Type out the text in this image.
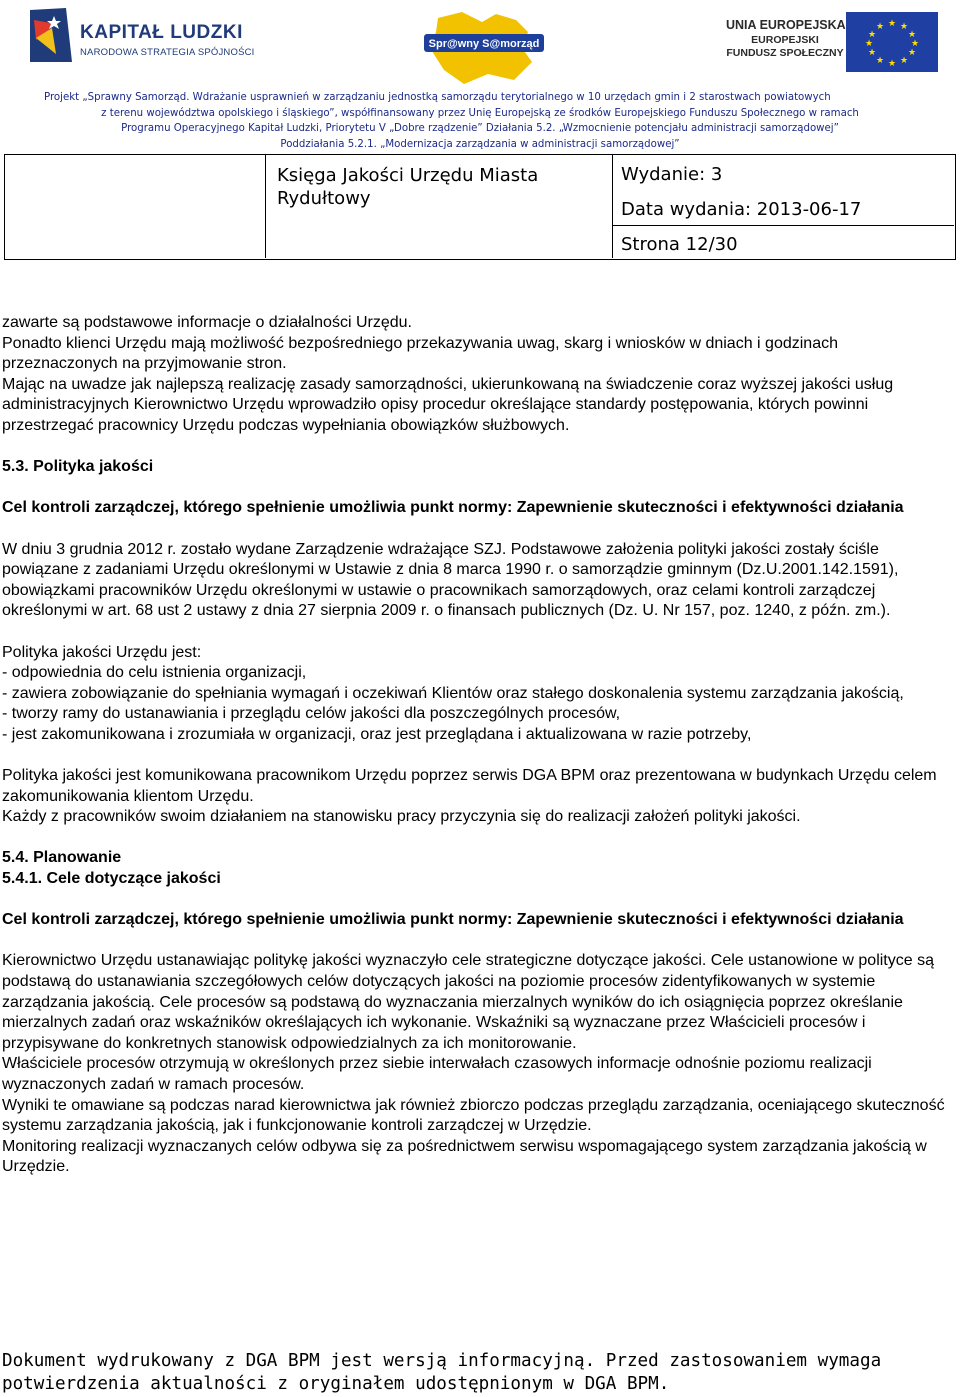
KAPITAŁ LUDZKI
NARODOWA STRATEGIA SPÓJNOŚCI
Spr@wny S@morząd
UNIA EUROPEJSKA
EUROPEJSKI
FUNDUSZ SPOŁECZNY
★ ★
★
★
★
★
★
★
★
★
★
★
Projekt „Sprawny Samorząd. Wdrażanie usprawnień w zarządzaniu jednostką samorządu terytorialnego w 10 urzędach gmin i 2 starostwach powiatowych
z terenu województwa opolskiego i śląskiego”, współfinansowany przez Unię Europejską ze środków Europejskiego Funduszu Społecznego w ramach
Programu Operacyjnego Kapitał Ludzki, Priorytetu V „Dobre rządzenie” Działania 5.2. „Wzmocnienie potencjału administracji samorządowej”
Poddziałania 5.2.1. „Modernizacja zarządzania w administracji samorządowej”
Księga Jakości Urzędu Miasta Rydułtowy
Wydanie: 3
Data wydania: 2013-06-17
Strona 12/30

zawarte są podstawowe informacje o działalności Urzędu.

Ponadto klienci Urzędu mają możliwość bezpośredniego przekazywania uwag, skarg i wniosków w dniach i godzinach przeznaczonych na przyjmowanie stron.

Mając na uwadze jak najlepszą realizację zasady samorządności, ukierunkowaną na świadczenie coraz wyższej jakości usług administracyjnych Kierownictwo Urzędu wprowadziło opisy procedur określające standardy postępowania, których powinni przestrzegać pracownicy Urzędu podczas wypełniania obowiązków służbowych.

5.3. Polityka jakości

Cel kontroli zarządczej, którego spełnienie umożliwia punkt normy: Zapewnienie skuteczności i efektywności działania

W dniu 3 grudnia 2012 r. zostało wydane Zarządzenie wdrażające SZJ. Podstawowe założenia polityki jakości zostały ściśle powiązane z zadaniami Urzędu określonymi w Ustawie z dnia 8 marca 1990 r. o samorządzie gminnym (Dz.U.2001.142.1591), obowiązkami pracowników Urzędu określonymi w ustawie o pracownikach samorządowych, oraz celami kontroli zarządczej określonymi w art. 68 ust 2 ustawy z dnia 27 sierpnia 2009 r. o finansach publicznych (Dz. U. Nr 157, poz. 1240, z późn. zm.).

Polityka jakości Urzędu jest:

- odpowiednia do celu istnienia organizacji,

- zawiera zobowiązanie do spełniania wymagań i oczekiwań Klientów oraz stałego doskonalenia systemu zarządzania jakością,

- tworzy ramy do ustanawiania i przeglądu celów jakości dla poszczególnych procesów,

- jest zakomunikowana i zrozumiała w organizacji, oraz jest przeglądana i aktualizowana w razie potrzeby,

Polityka jakości jest komunikowana pracownikom Urzędu poprzez serwis DGA BPM oraz prezentowana w budynkach Urzędu celem zakomunikowania klientom Urzędu.

Każdy z pracowników swoim działaniem na stanowisku pracy przyczynia się do realizacji założeń polityki jakości.

5.4. Planowanie

5.4.1. Cele dotyczące jakości

Cel kontroli zarządczej, którego spełnienie umożliwia punkt normy: Zapewnienie skuteczności i efektywności działania

Kierownictwo Urzędu ustanawiając politykę jakości wyznaczyło cele strategiczne dotyczące jakości. Cele ustanowione w polityce są podstawą do ustanawiania szczegółowych celów dotyczących jakości na poziomie procesów zidentyfikowanych w systemie zarządzania jakością. Cele procesów są podstawą do wyznaczania mierzalnych wyników do ich osiągnięcia poprzez określanie mierzalnych zadań oraz wskaźników określających ich wykonanie. Wskaźniki są wyznaczane przez Właścicieli procesów i przypisywane do konkretnych stanowisk odpowiedzialnych za ich monitorowanie.

Właściciele procesów otrzymują w określonych przez siebie interwałach czasowych informacje odnośnie poziomu realizacji wyznaczonych zadań w ramach procesów.

Wyniki te omawiane są podczas narad kierownictwa jak również zbiorczo podczas przeglądu zarządzania, oceniającego skuteczność systemu zarządzania jakością, jak i funkcjonowanie kontroli zarządczej w Urzędzie.

Monitoring realizacji wyznaczanych celów odbywa się za pośrednictwem serwisu wspomagającego system zarządzania jakością w Urzędzie.

Dokument wydrukowany z DGA BPM jest wersją informacyjną. Przed zastosowaniem wymaga
potwierdzenia aktualności z oryginałem udostępnionym w DGA BPM.
